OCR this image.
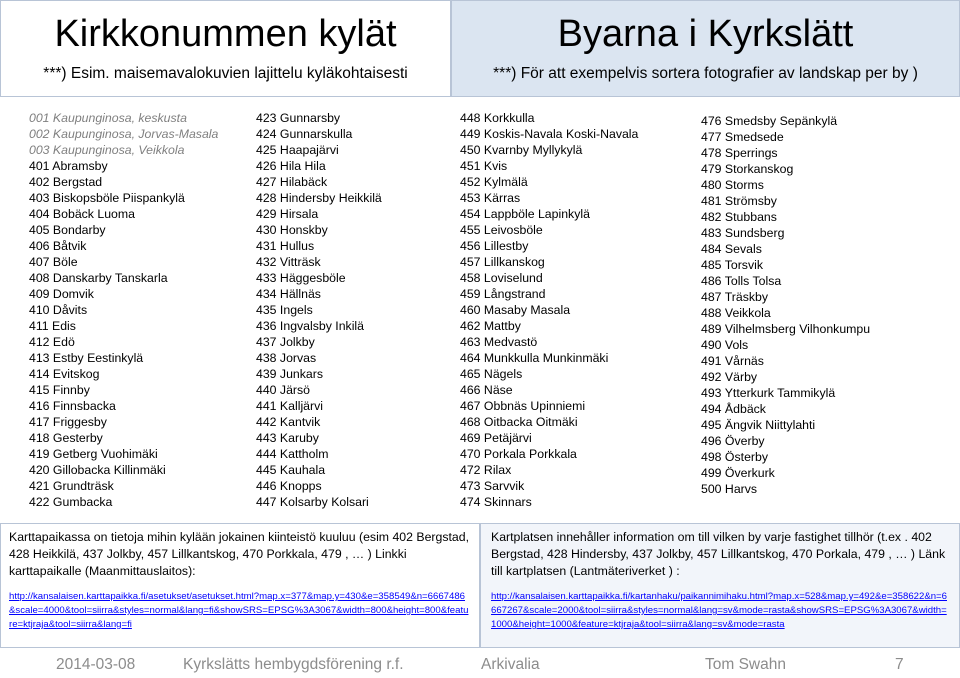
Kirkkonummen kylät
***) Esim. maisemavalokuvien lajittelu kyläkohtaisesti
Byarna i Kyrkslätt
***) För att exempelvis sortera fotografier av landskap per by )
001 Kaupunginosa, keskusta
002 Kaupunginosa, Jorvas-Masala
003 Kaupunginosa, Veikkola
401 Abramsby
402 Bergstad
403 Biskopsböle Piispankylä
404 Bobäck Luoma
405 Bondarby
406 Båtvik
407 Böle
408 Danskarby Tanskarla
409 Domvik
410 Dåvits
411 Edis
412 Edö
413 Estby Eestinkylä
414 Evitskog
415 Finnby
416 Finnsbacka
417 Friggesby
418 Gesterby
419 Getberg Vuohimäki
420 Gillobacka Killinmäki
421 Grundträsk
422 Gumbacka
423 Gunnarsby
424 Gunnarskulla
425 Haapajärvi
426 Hila Hila
427 Hilabäck
428 Hindersby Heikkilä
429 Hirsala
430 Honskby
431 Hullus
432 Vitträsk
433 Häggesböle
434 Hällnäs
435 Ingels
436 Ingvalsby Inkilä
437 Jolkby
438 Jorvas
439 Junkars
440 Järsö
441 Kalljärvi
442 Kantvik
443 Karuby
444 Kattholm
445 Kauhala
446 Knopps
447 Kolsarby Kolsari
448 Korkkulla
449 Koskis-Navala Koski-Navala
450 Kvarnby Myllykylä
451 Kvis
452 Kylmälä
453 Kärras
454 Lappböle Lapinkylä
455 Leivosböle
456 Lillestby
457 Lillkanskog
458 Loviselund
459 Långstrand
460 Masaby Masala
462 Mattby
463 Medvastö
464 Munkkulla Munkinmäki
465 Nägels
466 Näse
467 Obbnäs Upinniemi
468 Oitbacka Oitmäki
469 Petäjärvi
470 Porkala Porkkala
472 Rilax
473 Sarvvik
474 Skinnars
476 Smedsby Sepänkylä
477 Smedsede
478 Sperrings
479 Storkanskog
480 Storms
481 Strömsby
482 Stubbans
483 Sundsberg
484 Sevals
485 Torsvik
486 Tolls Tolsa
487 Träskby
488 Veikkola
489 Vilhelmsberg Vilhonkumpu
490 Vols
491 Vårnäs
492 Värby
493 Ytterkurk Tammikylä
494 Ådbäck
495 Ängvik Niittylahti
496 Överby
498 Österby
499 Överkurk
500 Harvs

Karttapaikassa on tietoja mihin kylään jokainen kiinteistö kuuluu (esim 402 Bergstad, 428 Heikkilä, 437 Jolkby, 457 Lillkantskog, 470 Porkkala, 479 , … ) Linkki karttapaikalle (Maanmittauslaitos):

http://kansalaisen.karttapaikka.fi/asetukset/asetukset.html?map.x=377&map.y=430&e=358549&n=6667486&scale=4000&tool=siirra&styles=normal&lang=fi&showSRS=EPSG%3A3067&width=800&height=800&feature=ktjraja&tool=siirra&lang=fi

Kartplatsen innehåller information om till vilken by varje fastighet tillhör (t.ex . 402 Bergstad, 428 Hindersby, 437 Jolkby, 457 Lillkantskog, 470 Porkala, 479 , … ) Länk till kartplatsen (Lantmäteriverket ) :

http://kansalaisen.karttapaikka.fi/kartanhaku/paikannimihaku.html?map.x=528&map.y=492&e=358622&n=6667267&scale=2000&tool=siirra&styles=normal&lang=sv&mode=rasta&showSRS=EPSG%3A3067&width=1000&height=1000&feature=ktjraja&tool=siirra&lang=sv&mode=rasta
2014-03-08	Kyrkslätts hembygdsförening r.f.	Arkivalia	Tom Swahn	7
